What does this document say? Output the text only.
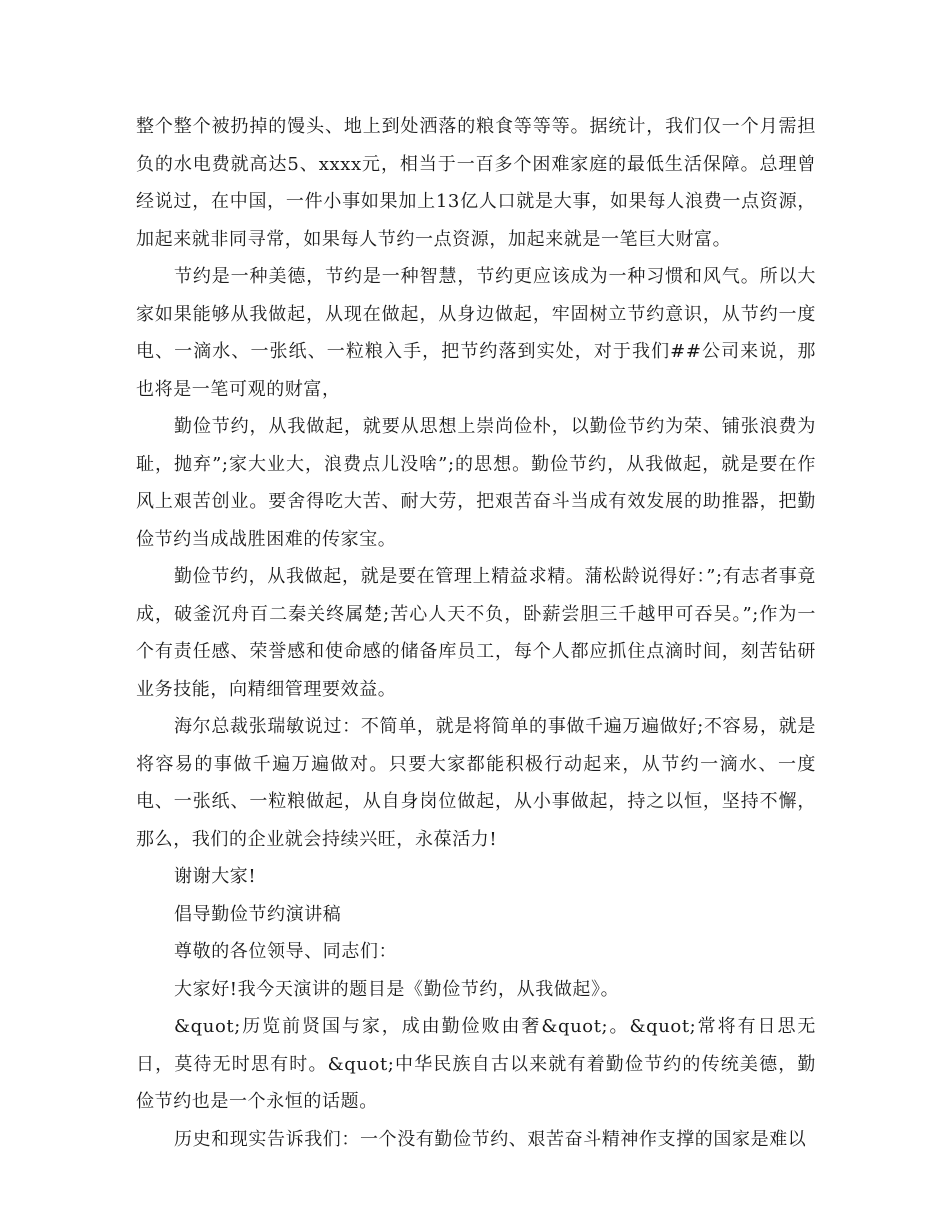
整个整个被扔掉的馒头、地上到处洒落的粮食等等等。据统计，我们仅一个月需担负的水电费就高达5、xxxx元，相当于一百多个困难家庭的最低生活保障。总理曾经说过，在中国，一件小事如果加上13亿人口就是大事，如果每人浪费一点资源，加起来就非同寻常，如果每人节约一点资源，加起来就是一笔巨大财富。

节约是一种美德，节约是一种智慧，节约更应该成为一种习惯和风气。所以大家如果能够从我做起，从现在做起，从身边做起，牢固树立节约意识，从节约一度电、一滴水、一张纸、一粒粮入手，把节约落到实处，对于我们##公司来说，那也将是一笔可观的财富，

勤俭节约，从我做起，就要从思想上崇尚俭朴，以勤俭节约为荣、铺张浪费为耻，抛弃”;家大业大，浪费点儿没啥”;的思想。勤俭节约，从我做起，就是要在作风上艰苦创业。要舍得吃大苦、耐大劳，把艰苦奋斗当成有效发展的助推器，把勤俭节约当成战胜困难的传家宝。

勤俭节约，从我做起，就是要在管理上精益求精。蒲松龄说得好：”;有志者事竟成，破釜沉舟百二秦关终属楚;苦心人天不负，卧薪尝胆三千越甲可吞吴。”;作为一个有责任感、荣誉感和使命感的储备库员工，每个人都应抓住点滴时间，刻苦钻研业务技能，向精细管理要效益。

海尔总裁张瑞敏说过：不简单，就是将简单的事做千遍万遍做好;不容易，就是将容易的事做千遍万遍做对。只要大家都能积极行动起来，从节约一滴水、一度电、一张纸、一粒粮做起，从自身岗位做起，从小事做起，持之以恒，坚持不懈，那么，我们的企业就会持续兴旺，永葆活力!

谢谢大家!

倡导勤俭节约演讲稿

尊敬的各位领导、同志们：

大家好!我今天演讲的题目是《勤俭节约，从我做起》。

&quot;历览前贤国与家，成由勤俭败由奢&quot;。&quot;常将有日思无日，莫待无时思有时。&quot;中华民族自古以来就有着勤俭节约的传统美德，勤俭节约也是一个永恒的话题。

历史和现实告诉我们：一个没有勤俭节约、艰苦奋斗精神作支撑的国家是难以
